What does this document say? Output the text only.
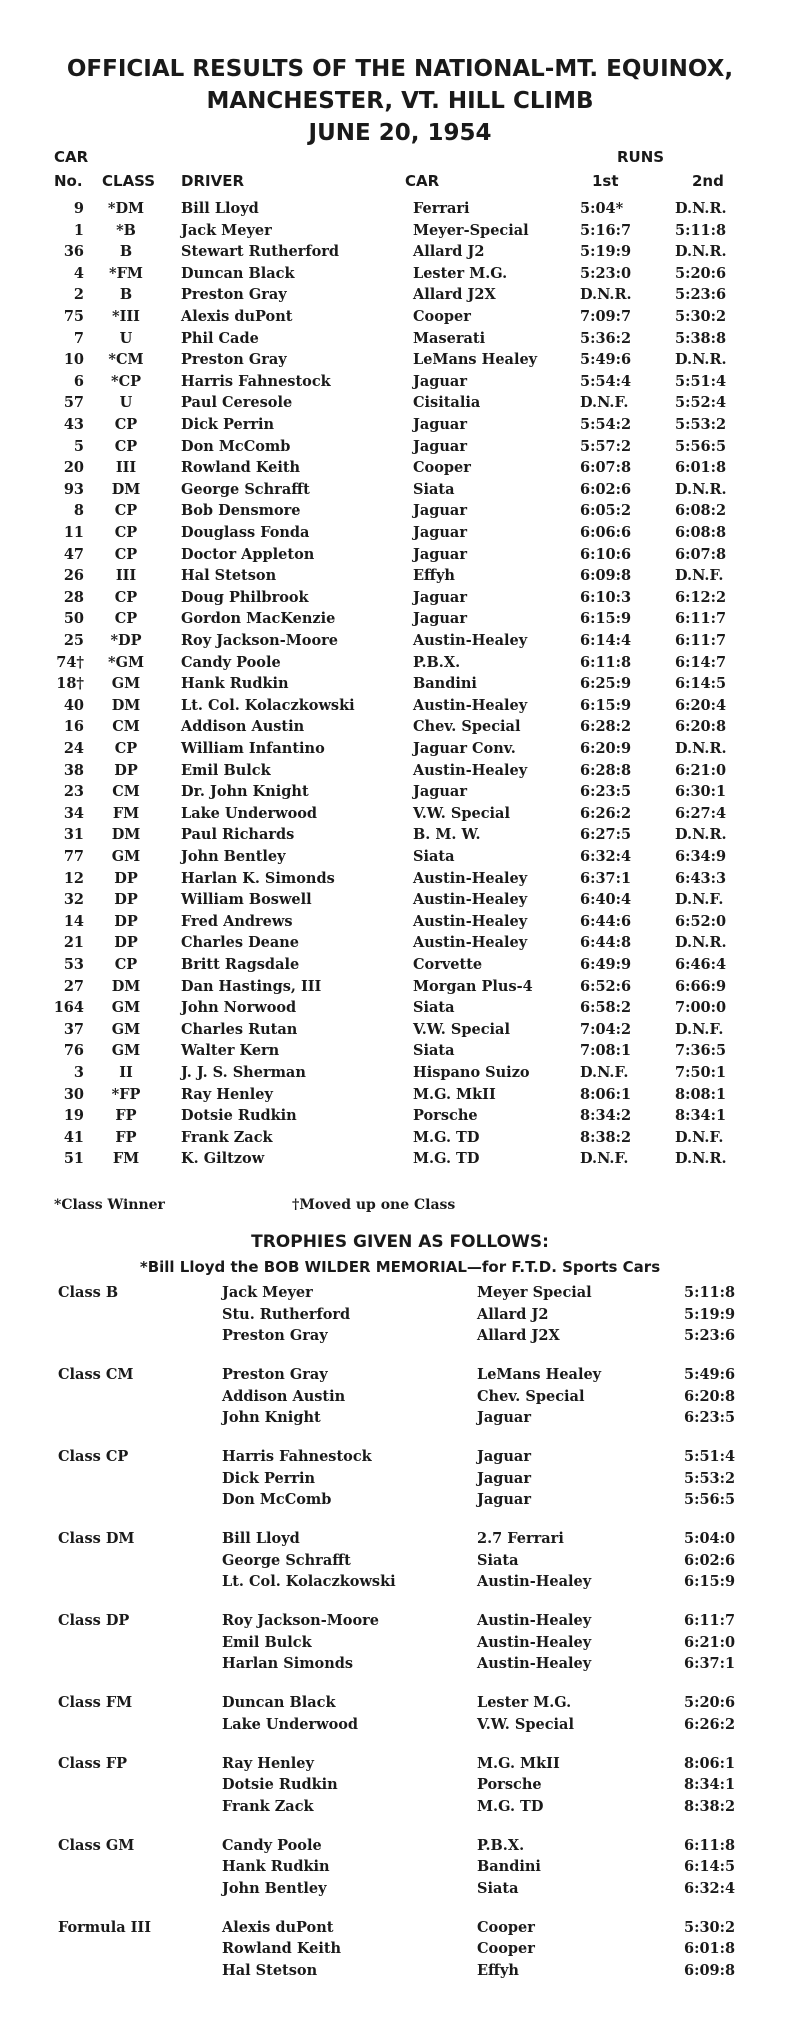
OFFICIAL RESULTS OF THE NATIONAL-MT. EQUINOX,
MANCHESTER, VT. HILL CLIMB
JUNE 20, 1954
CAR	RUNS
No. CLASS DRIVER	CAR	1st	2nd
9	*DM	Bill Lloyd	Ferrari	5:04*	D.N.R.
1	*B	Jack Meyer	Meyer-Special	5:16:7	5:11:8
36	B	Stewart Rutherford	Allard J2	5:19:9	D.N.R.
4	*FM	Duncan Black	Lester M.G.	5:23:0	5:20:6
2	B	Preston Gray	Allard J2X	D.N.R.	5:23:6
75	*III	Alexis duPont	Cooper	7:09:7	5:30:2
7	U	Phil Cade	Maserati	5:36:2	5:38:8
10	*CM	Preston Gray	LeMans Healey	5:49:6	D.N.R.
6	*CP	Harris Fahnestock	Jaguar	5:54:4	5:51:4
57	U	Paul Ceresole	Cisitalia	D.N.F.	5:52:4
43	CP	Dick Perrin	Jaguar	5:54:2	5:53:2
5	CP	Don McComb	Jaguar	5:57:2	5:56:5
20	III	Rowland Keith	Cooper	6:07:8	6:01:8
93	DM	George Schrafft	Siata	6:02:6	D.N.R.
8	CP	Bob Densmore	Jaguar	6:05:2	6:08:2
11	CP	Douglass Fonda	Jaguar	6:06:6	6:08:8
47	CP	Doctor Appleton	Jaguar	6:10:6	6:07:8
26	III	Hal Stetson	Effyh	6:09:8	D.N.F.
28	CP	Doug Philbrook	Jaguar	6:10:3	6:12:2
50	CP	Gordon MacKenzie	Jaguar	6:15:9	6:11:7
25	*DP	Roy Jackson-Moore	Austin-Healey	6:14:4	6:11:7
74†	*GM	Candy Poole	P.B.X.	6:11:8	6:14:7
18†	GM	Hank Rudkin	Bandini	6:25:9	6:14:5
40	DM	Lt. Col. Kolaczkowski	Austin-Healey	6:15:9	6:20:4
16	CM	Addison Austin	Chev. Special	6:28:2	6:20:8
24	CP	William Infantino	Jaguar Conv.	6:20:9	D.N.R.
38	DP	Emil Bulck	Austin-Healey	6:28:8	6:21:0
23	CM	Dr. John Knight	Jaguar	6:23:5	6:30:1
34	FM	Lake Underwood	V.W. Special	6:26:2	6:27:4
31	DM	Paul Richards	B. M. W.	6:27:5	D.N.R.
77	GM	John Bentley	Siata	6:32:4	6:34:9
12	DP	Harlan K. Simonds	Austin-Healey	6:37:1	6:43:3
32	DP	William Boswell	Austin-Healey	6:40:4	D.N.F.
14	DP	Fred Andrews	Austin-Healey	6:44:6	6:52:0
21	DP	Charles Deane	Austin-Healey	6:44:8	D.N.R.
53	CP	Britt Ragsdale	Corvette	6:49:9	6:46:4
27	DM	Dan Hastings, III	Morgan Plus-4	6:52:6	6:66:9
164	GM	John Norwood	Siata	6:58:2	7:00:0
37	GM	Charles Rutan	V.W. Special	7:04:2	D.N.F.
76	GM	Walter Kern	Siata	7:08:1	7:36:5
3	II	J. J. S. Sherman	Hispano Suizo	D.N.F.	7:50:1
30	*FP	Ray Henley	M.G. MkII	8:06:1	8:08:1
19	FP	Dotsie Rudkin	Porsche	8:34:2	8:34:1
41	FP	Frank Zack	M.G. TD	8:38:2	D.N.F.
51	FM	K. Giltzow	M.G. TD	D.N.F.	D.N.R.
*Class Winner	†Moved up one Class
TROPHIES GIVEN AS FOLLOWS:
*Bill Lloyd the BOB WILDER MEMORIAL—for F.T.D. Sports Cars
Class B	Jack Meyer	Meyer Special	5:11:8
Stu. Rutherford	Allard J2	5:19:9
Preston Gray	Allard J2X	5:23:6
Class CM	Preston Gray	LeMans Healey	5:49:6
Addison Austin	Chev. Special	6:20:8
John Knight	Jaguar	6:23:5
Class CP	Harris Fahnestock	Jaguar	5:51:4
Dick Perrin	Jaguar	5:53:2
Don McComb	Jaguar	5:56:5
Class DM	Bill Lloyd	2.7 Ferrari	5:04:0
George Schrafft	Siata	6:02:6
Lt. Col. Kolaczkowski	Austin-Healey	6:15:9
Class DP	Roy Jackson-Moore	Austin-Healey	6:11:7
Emil Bulck	Austin-Healey	6:21:0
Harlan Simonds	Austin-Healey	6:37:1
Class FM	Duncan Black	Lester M.G.	5:20:6
Lake Underwood	V.W. Special	6:26:2
Class FP	Ray Henley	M.G. MkII	8:06:1
Dotsie Rudkin	Porsche	8:34:1
Frank Zack	M.G. TD	8:38:2
Class GM	Candy Poole	P.B.X.	6:11:8
Hank Rudkin	Bandini	6:14:5
John Bentley	Siata	6:32:4
Formula III	Alexis duPont	Cooper	5:30:2
Rowland Keith	Cooper	6:01:8
Hal Stetson	Effyh	6:09:8
